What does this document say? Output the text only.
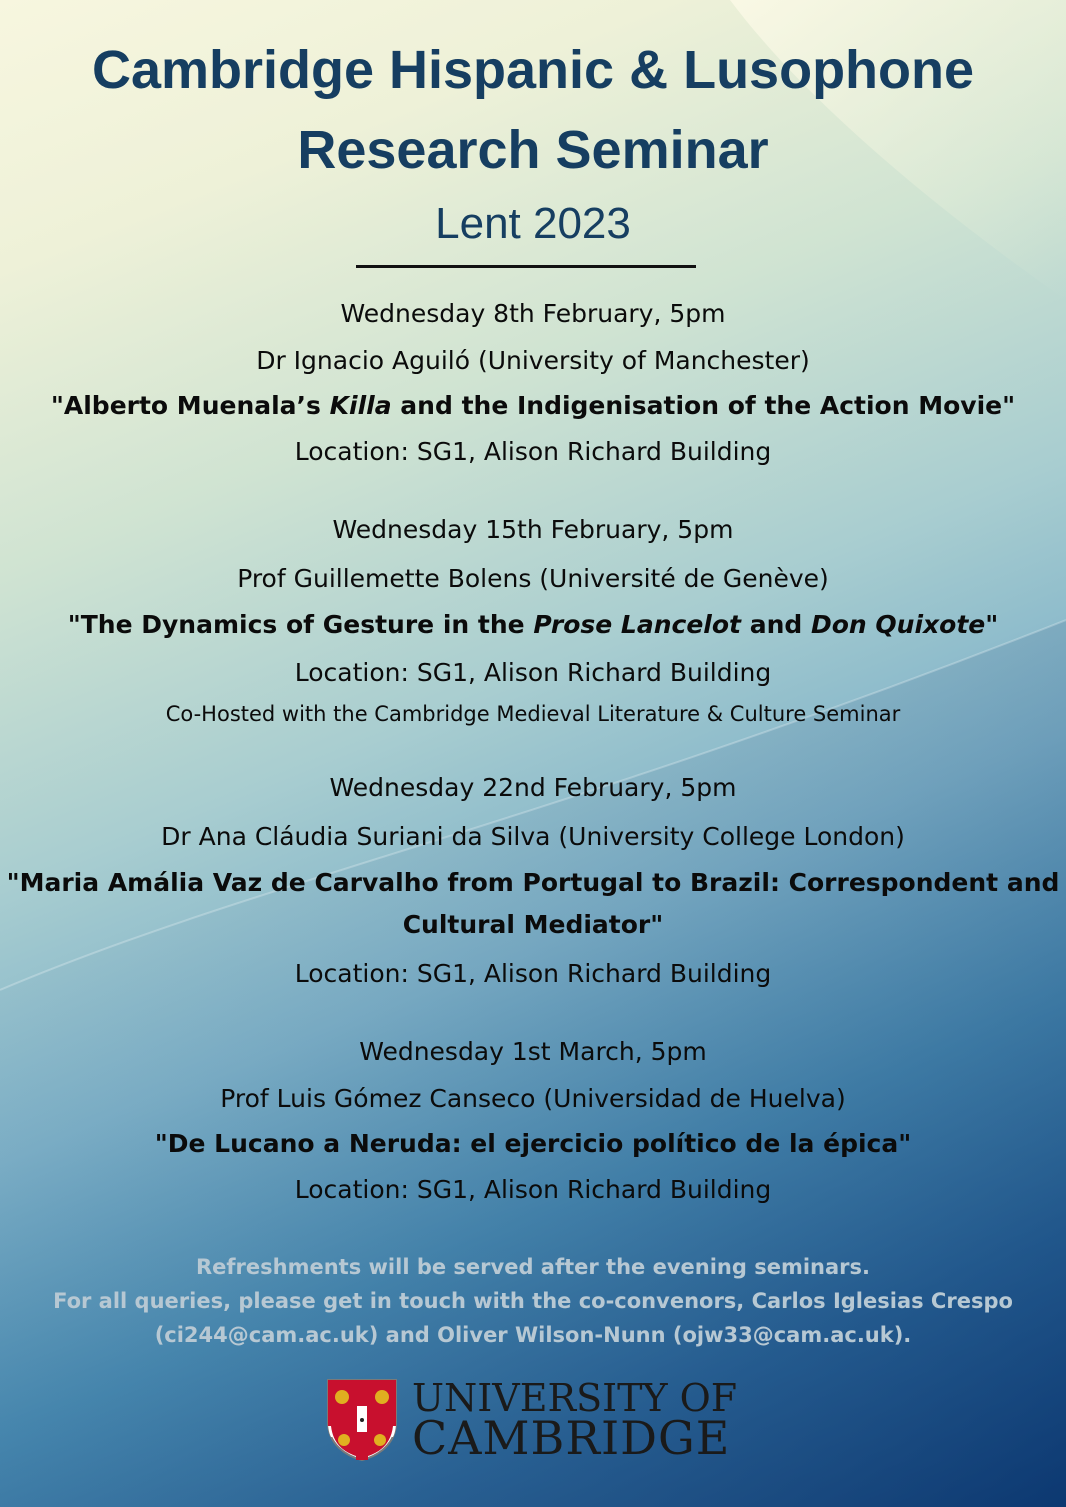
Cambridge Hispanic & Lusophone
Research Seminar
Lent 2023
Wednesday 8th February, 5pm
Dr Ignacio Aguiló (University of Manchester)
"Alberto Muenala’s Killa and the Indigenisation of the Action Movie"
Location: SG1, Alison Richard Building
Wednesday 15th February, 5pm
Prof Guillemette Bolens (Université de Genève)
"The Dynamics of Gesture in the Prose Lancelot and Don Quixote"
Location: SG1, Alison Richard Building
Co-Hosted with the Cambridge Medieval Literature & Culture Seminar
Wednesday 22nd February, 5pm
Dr Ana Cláudia Suriani da Silva (University College London)
"Maria Amália Vaz de Carvalho from Portugal to Brazil: Correspondent and
Cultural Mediator"
Location: SG1, Alison Richard Building
Wednesday 1st March, 5pm
Prof Luis Gómez Canseco (Universidad de Huelva)
"De Lucano a Neruda: el ejercicio político de la épica"
Location: SG1, Alison Richard Building
Refreshments will be served after the evening seminars.
For all queries, please get in touch with the co-convenors, Carlos Iglesias Crespo
(ci244@cam.ac.uk) and Oliver Wilson-Nunn (ojw33@cam.ac.uk).
UNIVERSITY OF
CAMBRIDGE
